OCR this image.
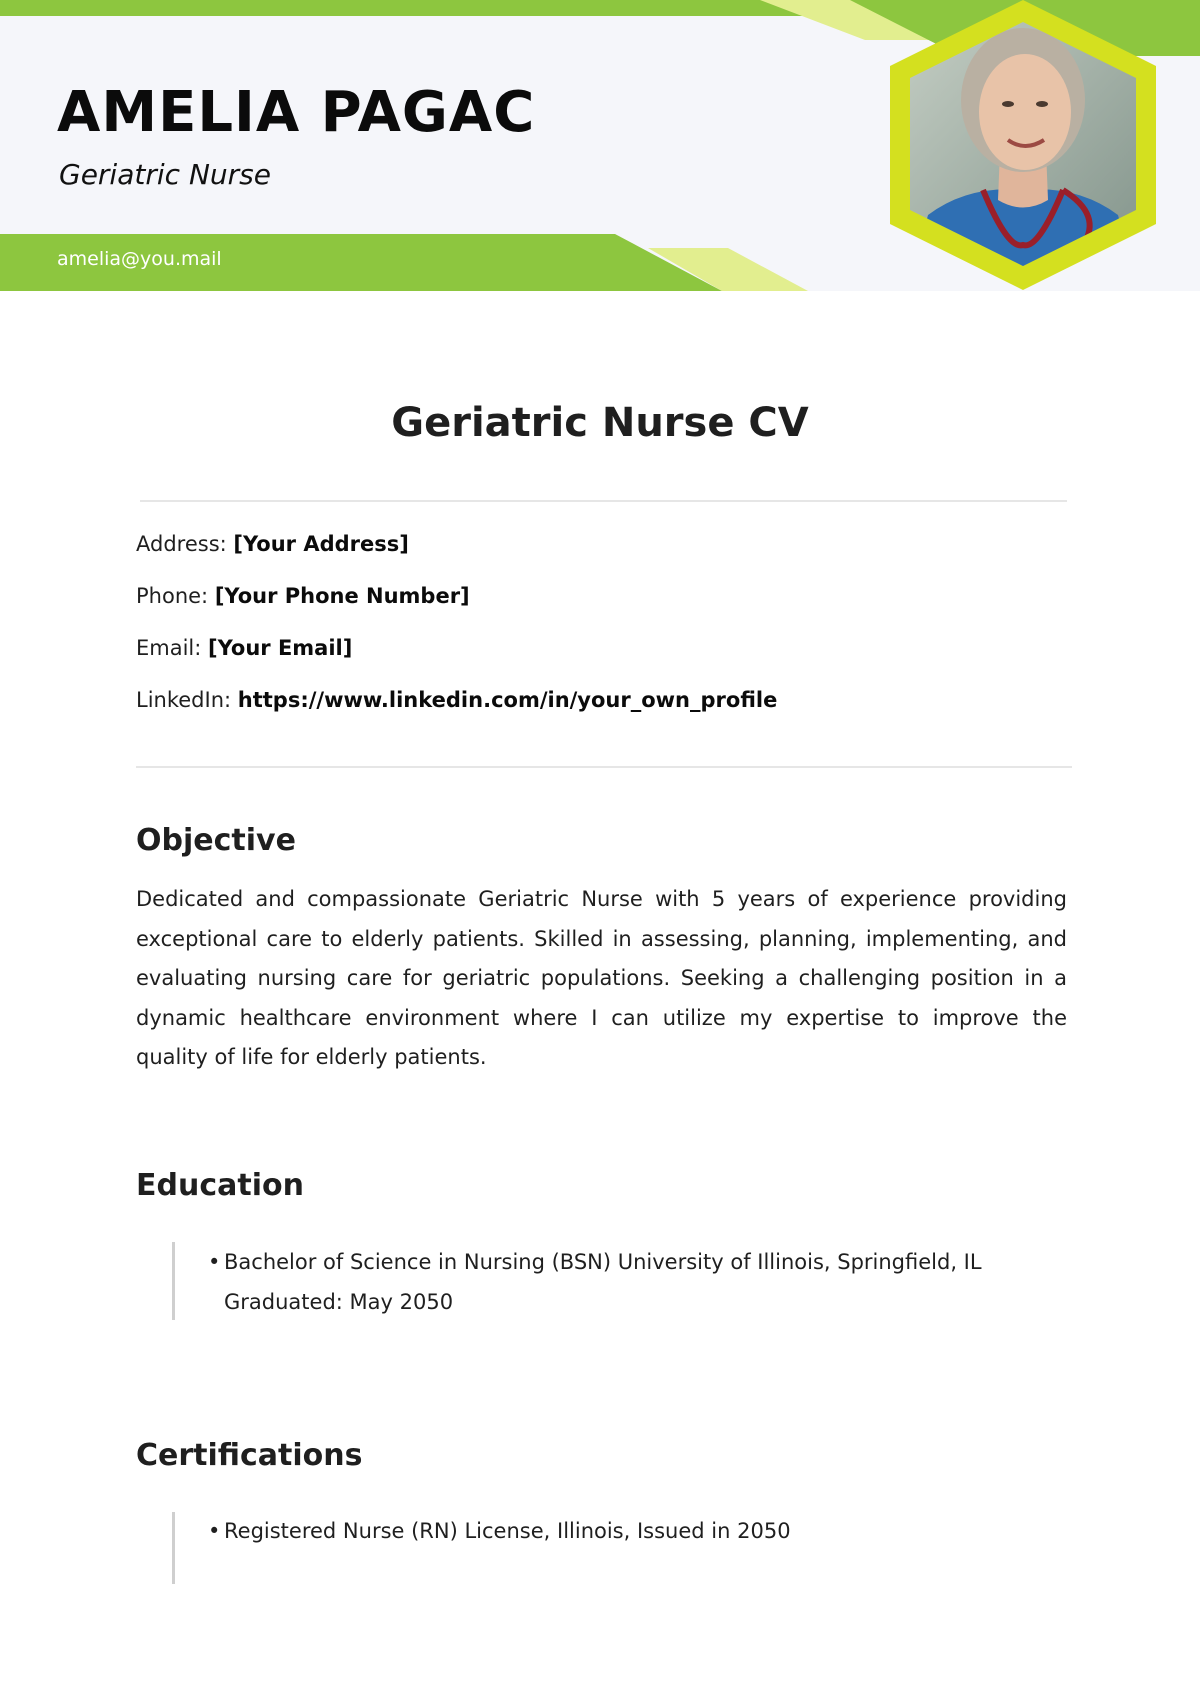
AMELIA PAGAC
Geriatric Nurse
amelia@you.mail
Geriatric Nurse CV
Address: [Your Address]
Phone: [Your Phone Number]
Email: [Your Email]
LinkedIn: https://www.linkedin.com/in/your_own_profile
Objective
Dedicated and compassionate Geriatric Nurse with 5 years of experience providing exceptional care to elderly patients. Skilled in assessing, planning, implementing, and evaluating nursing care for geriatric populations. Seeking a challenging position in a dynamic healthcare environment where I can utilize my expertise to improve the quality of life for elderly patients.
Education
• Bachelor of Science in Nursing (BSN) University of Illinois, Springfield, IL
Graduated: May 2050
Certifications
• Registered Nurse (RN) License, Illinois, Issued in 2050
